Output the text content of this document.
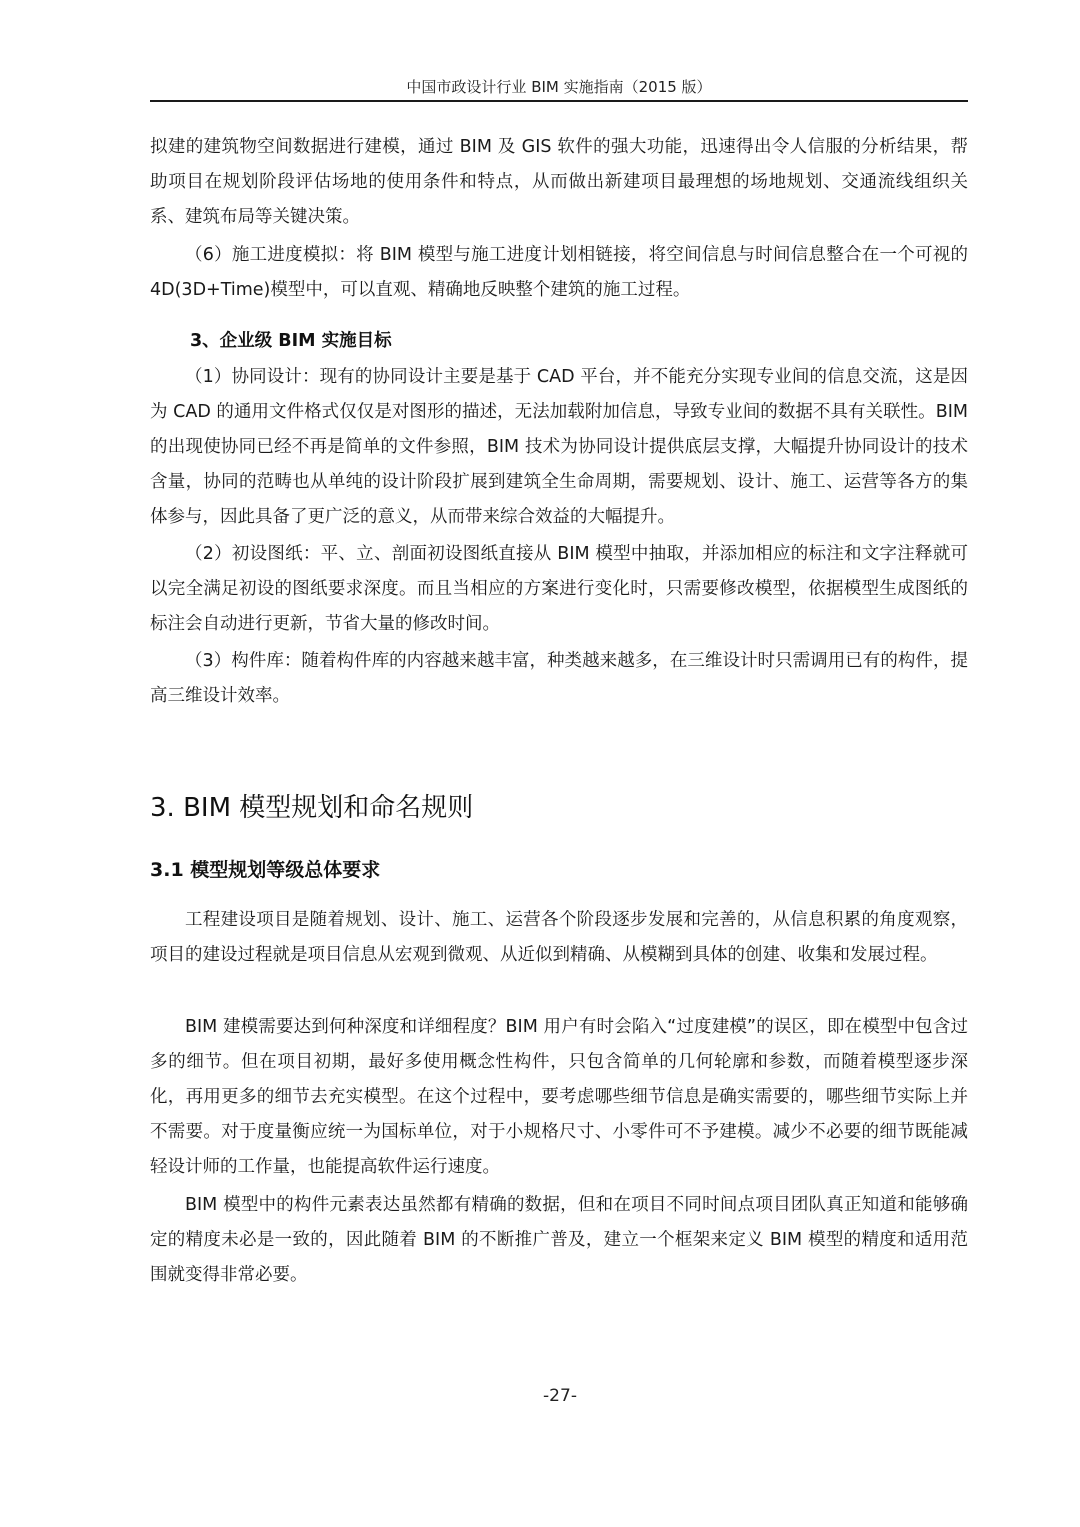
中国市政设计行业 BIM 实施指南（2015 版）

拟建的建筑物空间数据进行建模，通过 BIM 及 GIS 软件的强大功能，迅速得出令人信服的分析结果，帮助项目在规划阶段评估场地的使用条件和特点，从而做出新建项目最理想的场地规划、交通流线组织关系、建筑布局等关键决策。

（6）施工进度模拟：将 BIM 模型与施工进度计划相链接，将空间信息与时间信息整合在一个可视的 4D(3D+Time)模型中，可以直观、精确地反映整个建筑的施工过程。

3、企业级 BIM 实施目标

（1）协同设计：现有的协同设计主要是基于 CAD 平台，并不能充分实现专业间的信息交流，这是因为 CAD 的通用文件格式仅仅是对图形的描述，无法加载附加信息，导致专业间的数据不具有关联性。BIM 的出现使协同已经不再是简单的文件参照，BIM 技术为协同设计提供底层支撑，大幅提升协同设计的技术含量，协同的范畴也从单纯的设计阶段扩展到建筑全生命周期，需要规划、设计、施工、运营等各方的集体参与，因此具备了更广泛的意义，从而带来综合效益的大幅提升。

（2）初设图纸：平、立、剖面初设图纸直接从 BIM 模型中抽取，并添加相应的标注和文字注释就可以完全满足初设的图纸要求深度。而且当相应的方案进行变化时，只需要修改模型，依据模型生成图纸的标注会自动进行更新，节省大量的修改时间。

（3）构件库：随着构件库的内容越来越丰富，种类越来越多，在三维设计时只需调用已有的构件，提高三维设计效率。

3. BIM 模型规划和命名规则
3.1 模型规划等级总体要求

工程建设项目是随着规划、设计、施工、运营各个阶段逐步发展和完善的，从信息积累的角度观察，项目的建设过程就是项目信息从宏观到微观、从近似到精确、从模糊到具体的创建、收集和发展过程。

BIM 建模需要达到何种深度和详细程度？BIM 用户有时会陷入“过度建模”的误区，即在模型中包含过多的细节。但在项目初期，最好多使用概念性构件，只包含简单的几何轮廓和参数，而随着模型逐步深化，再用更多的细节去充实模型。在这个过程中，要考虑哪些细节信息是确实需要的，哪些细节实际上并不需要。对于度量衡应统一为国标单位，对于小规格尺寸、小零件可不予建模。减少不必要的细节既能减轻设计师的工作量，也能提高软件运行速度。

BIM 模型中的构件元素表达虽然都有精确的数据，但和在项目不同时间点项目团队真正知道和能够确定的精度未必是一致的，因此随着 BIM 的不断推广普及，建立一个框架来定义 BIM 模型的精度和适用范围就变得非常必要。

-27-
